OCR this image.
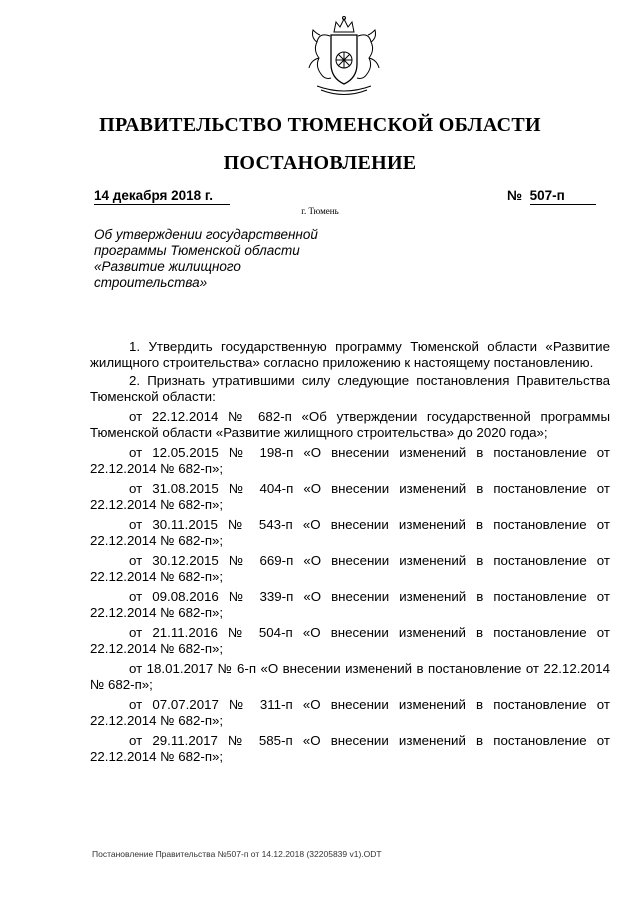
ПРАВИТЕЛЬСТВО ТЮМЕНСКОЙ ОБЛАСТИ
ПОСТАНОВЛЕНИЕ
14 декабря 2018 г.	№ 507-п
г. Тюмень
Об утверждении государственной программы Тюменской области «Развитие жилищного строительства»

1. Утвердить государственную программу Тюменской области «Развитие жилищного строительства» согласно приложению к настоящему постановлению.

2. Признать утратившими силу следующие постановления Правительства Тюменской области:

от 22.12.2014 № 682-п «Об утверждении государственной программы Тюменской области «Развитие жилищного строительства» до 2020 года»;

от 12.05.2015 № 198-п «О внесении изменений в постановление от 22.12.2014 № 682-п»;

от 31.08.2015 № 404-п «О внесении изменений в постановление от 22.12.2014 № 682-п»;

от 30.11.2015 № 543-п «О внесении изменений в постановление от 22.12.2014 № 682-п»;

от 30.12.2015 № 669-п «О внесении изменений в постановление от 22.12.2014 № 682-п»;

от 09.08.2016 № 339-п «О внесении изменений в постановление от 22.12.2014 № 682-п»;

от 21.11.2016 № 504-п «О внесении изменений в постановление от 22.12.2014 № 682-п»;

от 18.01.2017 № 6-п «О внесении изменений в постановление от 22.12.2014 № 682-п»;

от 07.07.2017 № 311-п «О внесении изменений в постановление от 22.12.2014 № 682-п»;

от 29.11.2017 № 585-п «О внесении изменений в постановление от 22.12.2014 № 682-п»;

Постановление Правительства №507-п от 14.12.2018 (32205839 v1).ODT
